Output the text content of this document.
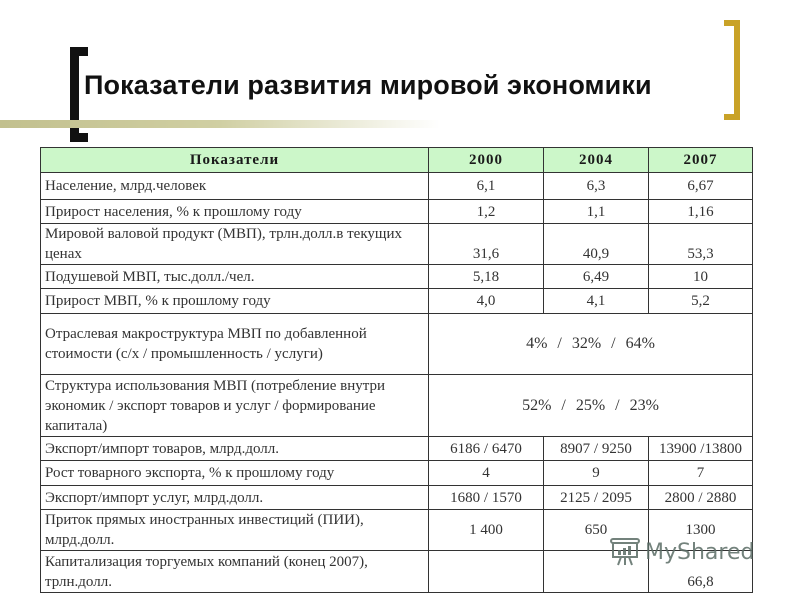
Показатели развития мировой экономики
Показатели	2000	2004	2007
Население, млрд.человек	6,1	6,3	6,67
Прирост населения, % к прошлому году	1,2	1,1	1,16
Мировой валовой продукт (МВП), трлн.долл.в текущих ценах	31,6	40,9	53,3
Подушевой МВП, тыс.долл./чел.	5,18	6,49	10
Прирост МВП, % к прошлому году	4,0	4,1	5,2
Отраслевая макроструктура МВП по добавленной стоимости (с/х / промышленность / услуги)	4% / 32% / 64%		
Структура использования МВП (потребление внутри экономик / экспорт товаров и услуг / формирование капитала)	52% / 25% / 23%		
Экспорт/импорт товаров, млрд.долл.	6186 / 6470	8907 / 9250	13900 /13800
Рост товарного экспорта, % к прошлому году	4	9	7
Экспорт/импорт услуг, млрд.долл.	1680 / 1570	2125 / 2095	2800 / 2880
Приток прямых иностранных инвестиций (ПИИ), млрд.долл.	1 400	650	1300
Капитализация торгуемых компаний (конец 2007), трлн.долл.			66,8
MyShared
